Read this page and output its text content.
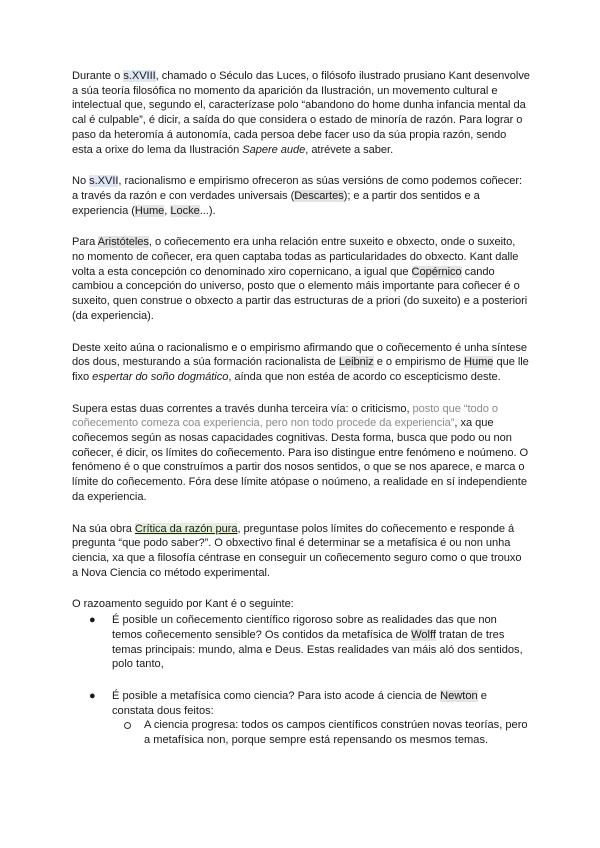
Durante o s.XVIII, chamado o Século das Luces, o filósofo ilustrado prusiano Kant desenvolve a súa teoría filosófica no momento da aparición da Ilustración, un movemento cultural e intelectual que, segundo el, caracterízase polo “abandono do home dunha infancia mental da cal é culpable”, é dicir, a saída do que considera o estado de minoría de razón. Para lograr o paso da heteromía á autonomía, cada persoa debe facer uso da súa propia razón, sendo esta a orixe do lema da Ilustración Sapere aude, atrévete a saber.

No s.XVII, racionalismo e empirismo ofreceron as súas versións de como podemos coñecer: a través da razón e con verdades universais (Descartes); e a partir dos sentidos e a experiencia (Hume, Locke...).

Para Aristóteles, o coñecemento era unha relación entre suxeito e obxecto, onde o suxeito, no momento de coñecer, era quen captaba todas as particularidades do obxecto. Kant dalle volta a esta concepción co denominado xiro copernicano, a igual que Copérnico cando cambiou a concepción do universo, posto que o elemento máis importante para coñecer é o suxeito, quen construe o obxecto a partir das estructuras de a priori (do suxeito) e a posteriori (da experiencia).

Deste xeito aúna o racionalismo e o empirismo afirmando que o coñecemento é unha síntese dos dous, mesturando a súa formación racionalista de Leibniz e o empirismo de Hume que lle fixo espertar do soño dogmático, aínda que non estéa de acordo co escepticismo deste.

Supera estas duas correntes a través dunha terceira vía: o criticismo, posto que “todo o coñecemento comeza coa experiencia, pero non todo procede da experiencia”, xa que coñecemos según as nosas capacidades cognitivas. Desta forma, busca que podo ou non coñecer, é dicir, os límites do coñecemento. Para iso distingue entre fenómeno e noúmeno. O fenómeno é o que construímos a partir dos nosos sentidos, o que se nos aparece, e marca o límite do coñecemento. Fóra dese límite atópase o noúmeno, a realidade en sí independiente da experiencia.

Na súa obra Crítica da razón pura, preguntase polos límites do coñecemento e responde á pregunta “que podo saber?”. O obxectivo final é determinar se a metafísica é ou non unha ciencia, xa que a filosofía céntrase en conseguir un coñecemento seguro como o que trouxo a Nova Ciencia co método experimental.

O razoamento seguido por Kant é o seguinte:

● É posible un coñecemento científico rigoroso sobre as realidades das que non temos coñecemento sensible? Os contidos da metafísica de Wolff tratan de tres temas principais: mundo, alma e Deus. Estas realidades van máis aló dos sentidos, polo tanto,
● É posible a metafísica como ciencia? Para isto acode á ciencia de Newton e constata dous feitos:
A ciencia progresa: todos os campos científicos constrúen novas teorías, pero a metafísica non, porque sempre está repensando os mesmos temas.
